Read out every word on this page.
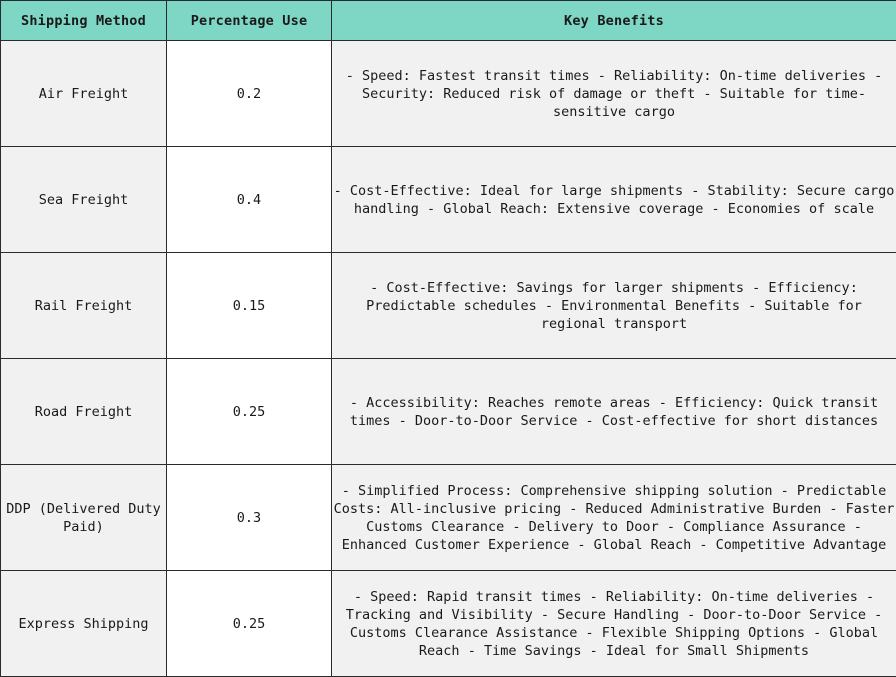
Shipping Method	Percentage Use	Key Benefits
Air Freight	0.2	- Speed: Fastest transit times - Reliability: On-time deliveries - Security: Reduced risk of damage or theft - Suitable for time-sensitive cargo
Sea Freight	0.4	- Cost-Effective: Ideal for large shipments - Stability: Secure cargo handling - Global Reach: Extensive coverage - Economies of scale
Rail Freight	0.15	- Cost-Effective: Savings for larger shipments - Efficiency: Predictable schedules - Environmental Benefits - Suitable for regional transport
Road Freight	0.25	- Accessibility: Reaches remote areas - Efficiency: Quick transit times - Door-to-Door Service - Cost-effective for short distances
DDP (Delivered Duty Paid)	0.3	- Simplified Process: Comprehensive shipping solution - Predictable Costs: All-inclusive pricing - Reduced Administrative Burden - Faster Customs Clearance - Delivery to Door - Compliance Assurance - Enhanced Customer Experience - Global Reach - Competitive Advantage
Express Shipping	0.25	- Speed: Rapid transit times - Reliability: On-time deliveries - Tracking and Visibility - Secure Handling - Door-to-Door Service - Customs Clearance Assistance - Flexible Shipping Options - Global Reach - Time Savings - Ideal for Small Shipments
